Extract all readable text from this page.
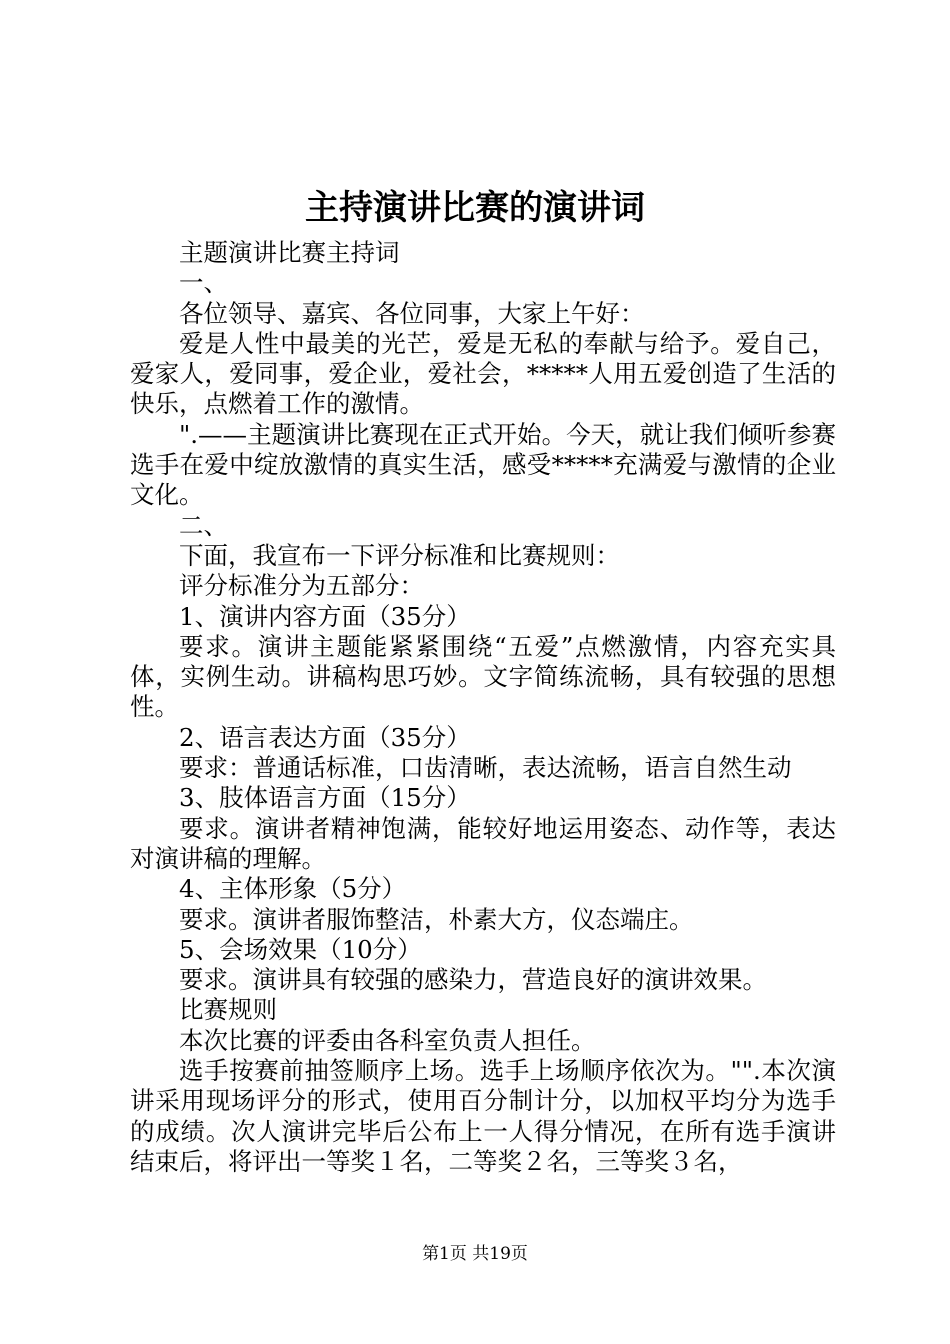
主持演讲比赛的演讲词

主题演讲比赛主持词

一、

各位领导、嘉宾、各位同事，大家上午好：

爱是人性中最美的光芒，爱是无私的奉献与给予。爱自己，爱家人，爱同事，爱企业，爱社会，*****人用五爱创造了生活的快乐，点燃着工作的激情。

".——主题演讲比赛现在正式开始。今天，就让我们倾听参赛选手在爱中绽放激情的真实生活，感受*****充满爱与激情的企业文化。

二、

下面，我宣布一下评分标准和比赛规则：

评分标准分为五部分：

1、演讲内容方面（35分）

要求。演讲主题能紧紧围绕“五爱”点燃激情，内容充实具体，实例生动。讲稿构思巧妙。文字简练流畅，具有较强的思想性。

2、语言表达方面（35分）

要求：普通话标准，口齿清晰，表达流畅，语言自然生动

3、肢体语言方面（15分）

要求。演讲者精神饱满，能较好地运用姿态、动作等，表达对演讲稿的理解。

4、主体形象（5分）

要求。演讲者服饰整洁，朴素大方，仪态端庄。

5、会场效果（10分）

要求。演讲具有较强的感染力，营造良好的演讲效果。

比赛规则

本次比赛的评委由各科室负责人担任。

选手按赛前抽签顺序上场。选手上场顺序依次为。"".本次演讲采用现场评分的形式，使用百分制计分，以加权平均分为选手的成绩。次人演讲完毕后公布上一人得分情况，在所有选手演讲结束后，将评出一等奖１名，二等奖２名，三等奖３名，

第1页 共19页
